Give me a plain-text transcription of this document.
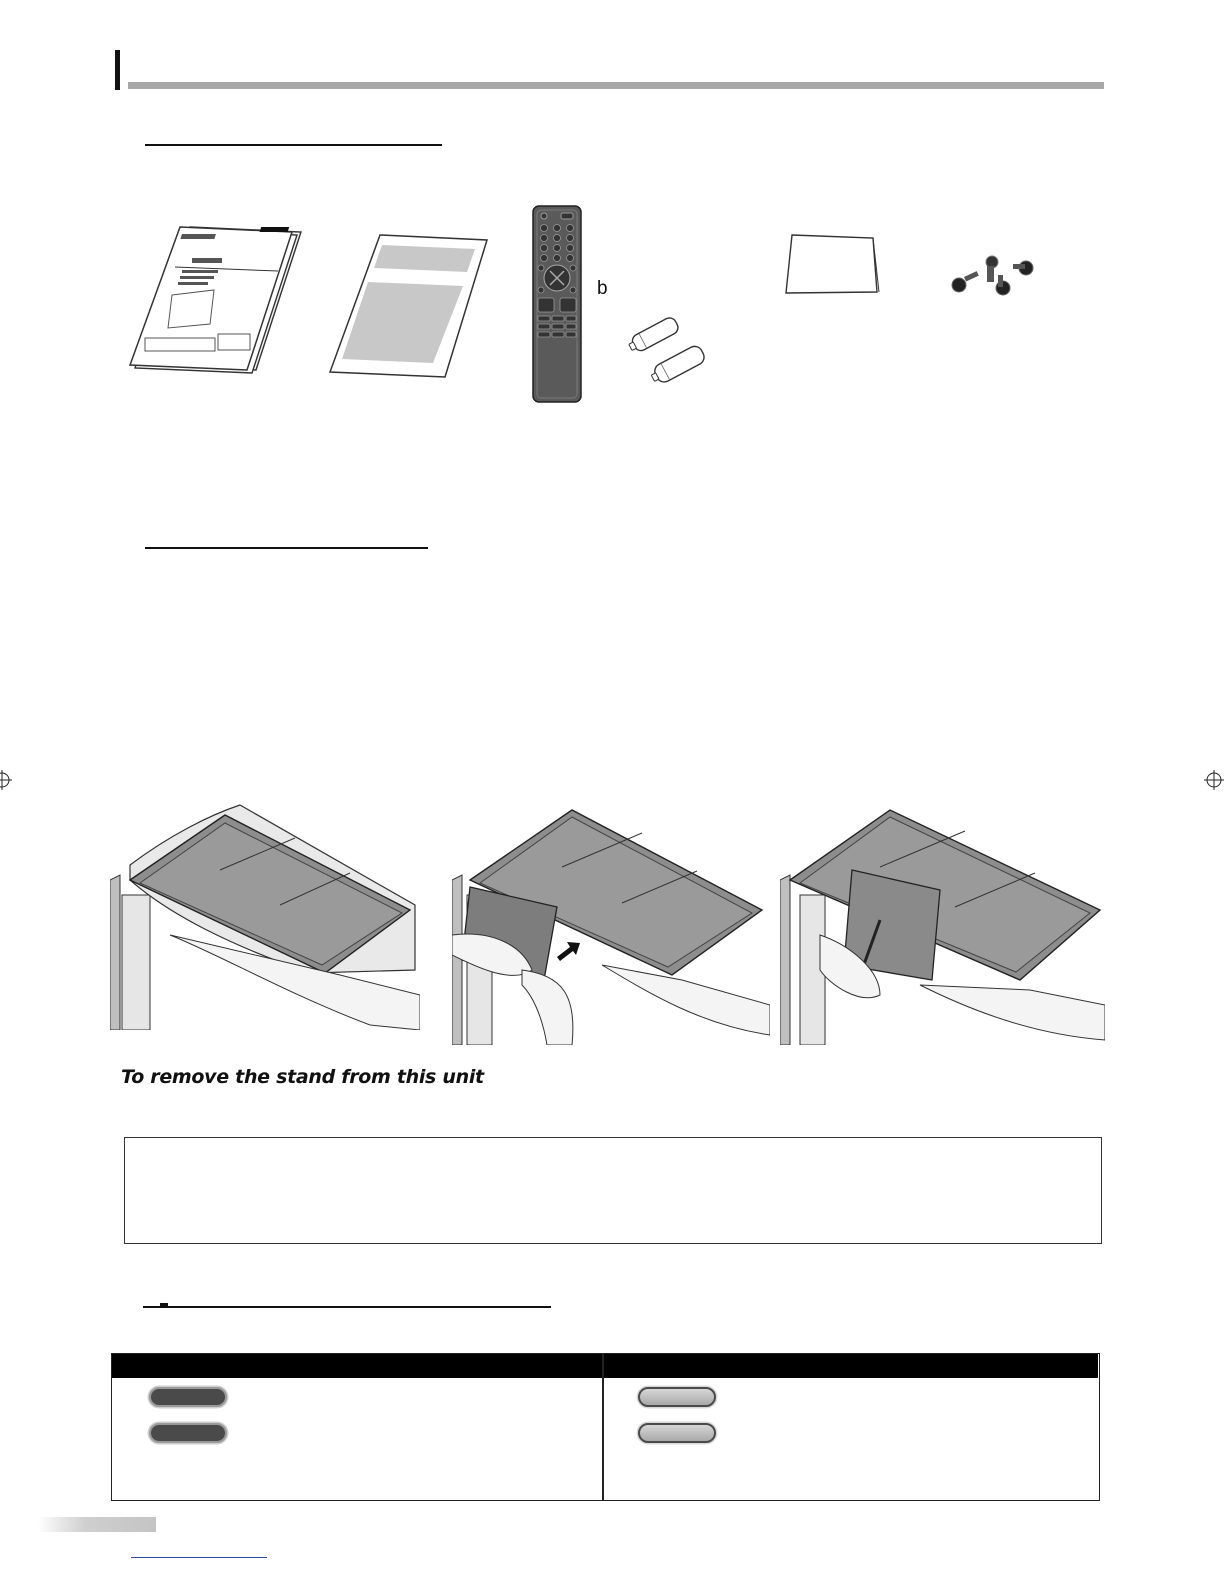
b
To remove the stand from this unit
